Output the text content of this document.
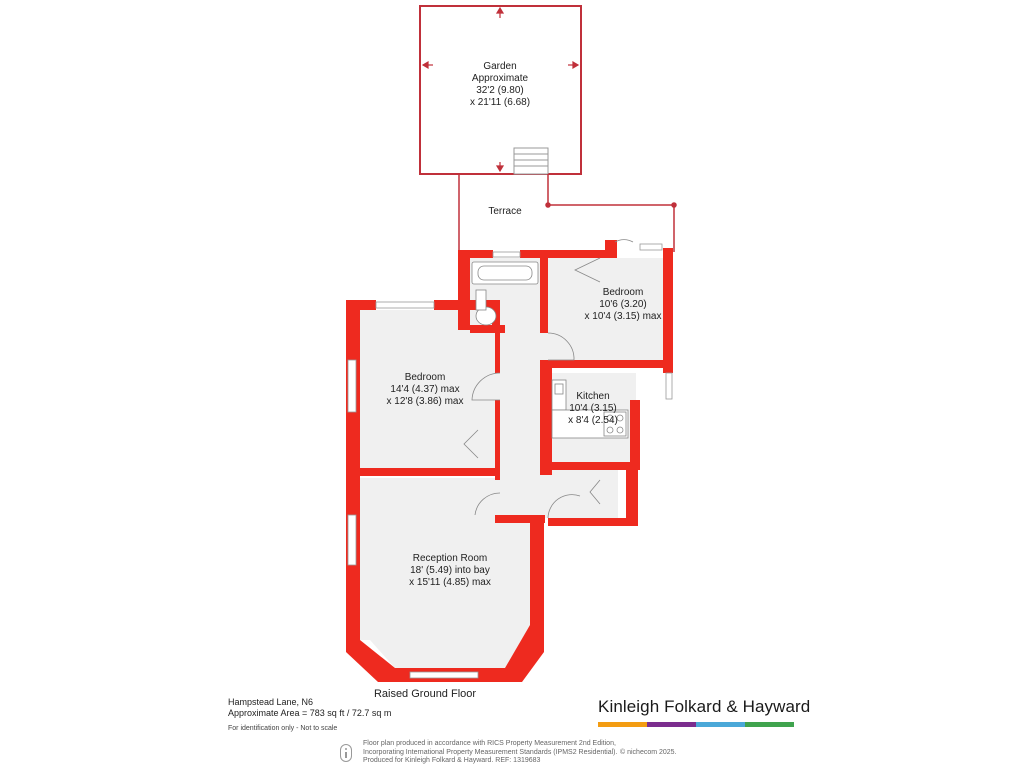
Garden
Approximate
32'2 (9.80)
x 21'11 (6.68)
Terrace
Bedroom
10'6 (3.20)
x 10'4 (3.15) max
Bedroom
14'4 (4.37) max
x 12'8 (3.86) max	Kitchen
10'4 (3.15)
x 8'4 (2.54)
Reception Room
18' (5.49) into bay
x 15'11 (4.85) max
Raised Ground Floor
Hampstead Lane, N6
Approximate Area = 783 sq ft / 72.7 sq m
For identification only - Not to scale
Kinleigh Folkard & Hayward
Floor plan produced in accordance with RICS Property Measurement 2nd Edition,
Incorporating International Property Measurement Standards (IPMS2 Residential).
Produced for Kinleigh Folkard & Hayward. REF: 1319683
© nichecom 2025.
